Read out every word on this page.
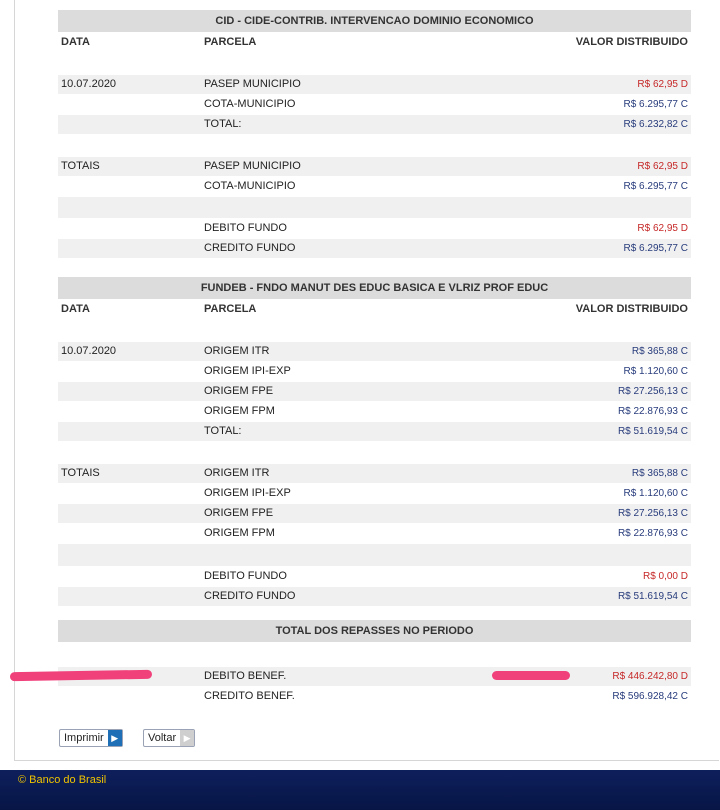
CID - CIDE-CONTRIB. INTERVENCAO DOMINIO ECONOMICO
DATA	PARCELA	VALOR DISTRIBUIDO
10.07.2020	PASEP MUNICIPIO	R$ 62,95 D
COTA-MUNICIPIO	R$ 6.295,77 C
TOTAL:	R$ 6.232,82 C
TOTAIS	PASEP MUNICIPIO	R$ 62,95 D
COTA-MUNICIPIO	R$ 6.295,77 C
DEBITO FUNDO	R$ 62,95 D
CREDITO FUNDO	R$ 6.295,77 C
FUNDEB - FNDO MANUT DES EDUC BASICA E VLRIZ PROF EDUC
DATA	PARCELA	VALOR DISTRIBUIDO
10.07.2020	ORIGEM ITR	R$ 365,88 C
ORIGEM IPI-EXP	R$ 1.120,60 C
ORIGEM FPE	R$ 27.256,13 C
ORIGEM FPM	R$ 22.876,93 C
TOTAL:	R$ 51.619,54 C
TOTAIS	ORIGEM ITR	R$ 365,88 C
ORIGEM IPI-EXP	R$ 1.120,60 C
ORIGEM FPE	R$ 27.256,13 C
ORIGEM FPM	R$ 22.876,93 C
DEBITO FUNDO	R$ 0,00 D
CREDITO FUNDO	R$ 51.619,54 C
TOTAL DOS REPASSES NO PERIODO
DEBITO BENEF.	R$ 446.242,80 D
CREDITO BENEF.	R$ 596.928,42 C
Imprimir ▶	Voltar ▶
© Banco do Brasil
